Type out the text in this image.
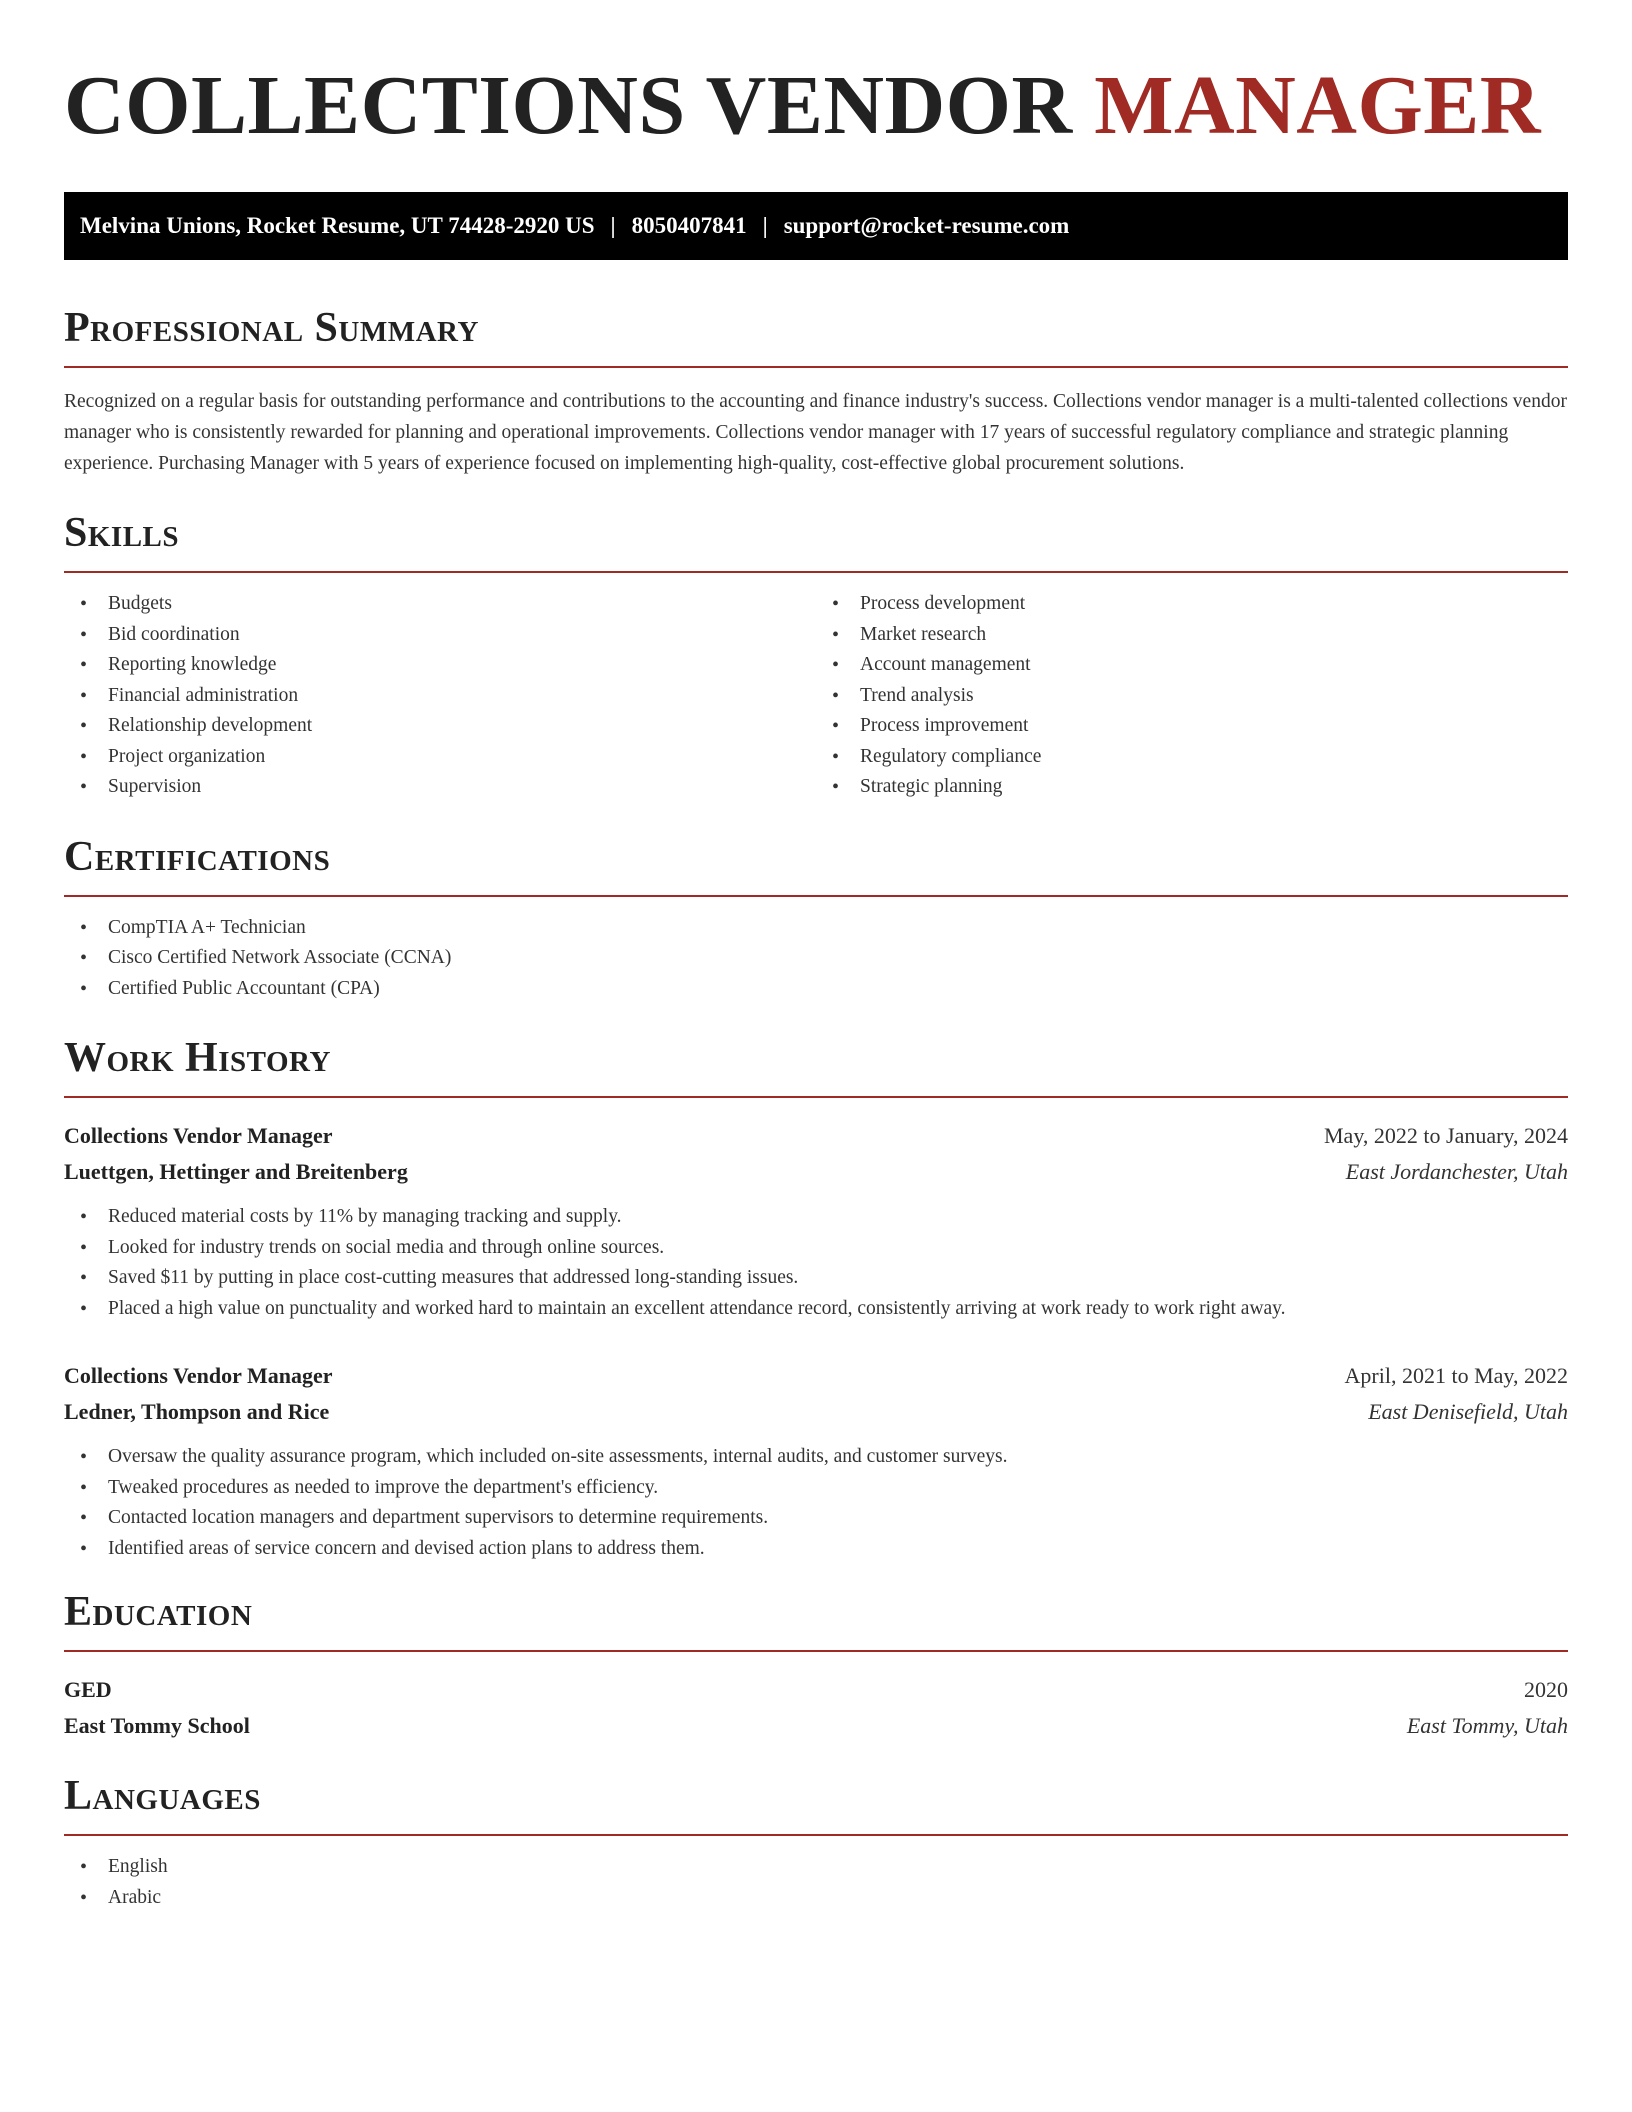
COLLECTIONS VENDOR MANAGER
Melvina Unions, Rocket Resume, UT 74428-2920 US | 8050407841 | support@rocket-resume.com
Professional Summary

Recognized on a regular basis for outstanding performance and contributions to the accounting and finance industry's success. Collections vendor manager is a multi-talented collections vendor manager who is consistently rewarded for planning and operational improvements. Collections vendor manager with 17 years of successful regulatory compliance and strategic planning experience. Purchasing Manager with 5 years of experience focused on implementing high-quality, cost-effective global procurement solutions.

Skills
• Budgets
• Bid coordination
• Reporting knowledge
• Financial administration
• Relationship development
• Project organization
• Supervision
• Process development
• Market research
• Account management
• Trend analysis
• Process improvement
• Regulatory compliance
• Strategic planning
Certifications
• CompTIA A+ Technician
• Cisco Certified Network Associate (CCNA)
• Certified Public Accountant (CPA)
Work History
Collections Vendor Manager	May, 2022 to January, 2024
Luettgen, Hettinger and Breitenberg	East Jordanchester, Utah
• Reduced material costs by 11% by managing tracking and supply.
• Looked for industry trends on social media and through online sources.
• Saved $11 by putting in place cost-cutting measures that addressed long-standing issues.
• Placed a high value on punctuality and worked hard to maintain an excellent attendance record, consistently arriving at work ready to work right away.
Collections Vendor Manager	April, 2021 to May, 2022
Ledner, Thompson and Rice	East Denisefield, Utah
• Oversaw the quality assurance program, which included on-site assessments, internal audits, and customer surveys.
• Tweaked procedures as needed to improve the department's efficiency.
• Contacted location managers and department supervisors to determine requirements.
• Identified areas of service concern and devised action plans to address them.
Education
GED	2020
East Tommy School	East Tommy, Utah
Languages
• English
• Arabic
